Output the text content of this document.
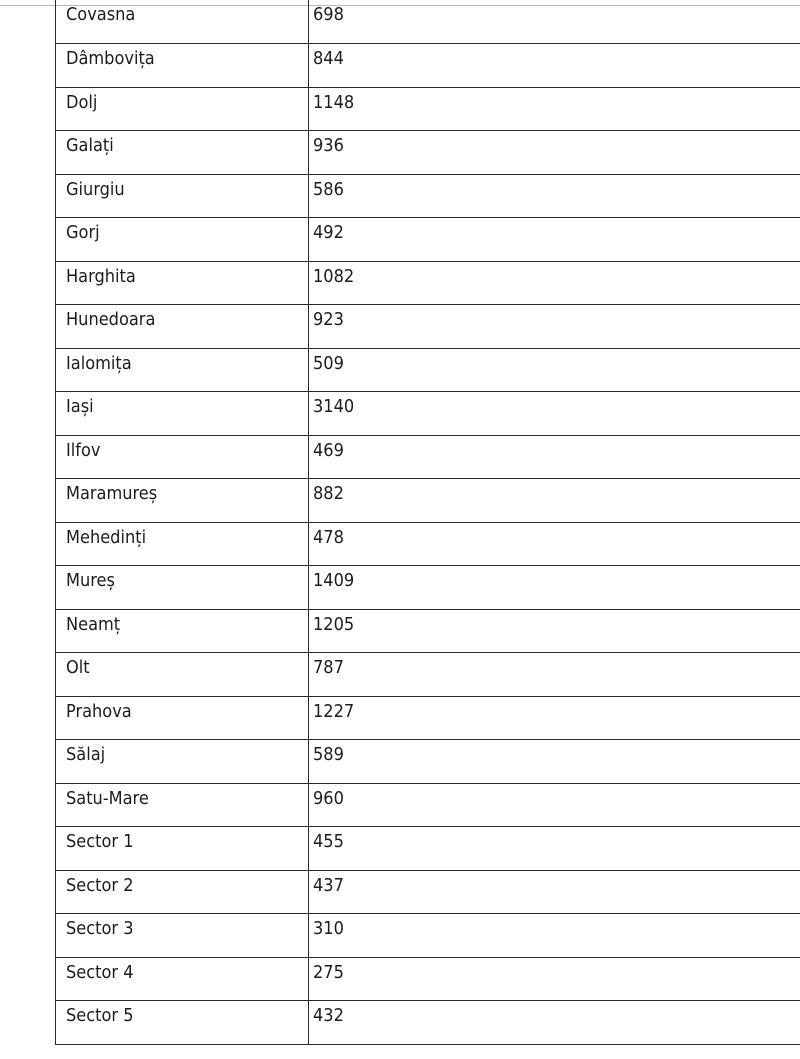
Covasna	698
Dâmbovița	844
Dolj	1148
Galați	936
Giurgiu	586
Gorj	492
Harghita	1082
Hunedoara	923
Ialomița	509
Iași	3140
Ilfov	469
Maramureș	882
Mehedinți	478
Mureș	1409
Neamț	1205
Olt	787
Prahova	1227
Sălaj	589
Satu-Mare	960
Sector 1	455
Sector 2	437
Sector 3	310
Sector 4	275
Sector 5	432
